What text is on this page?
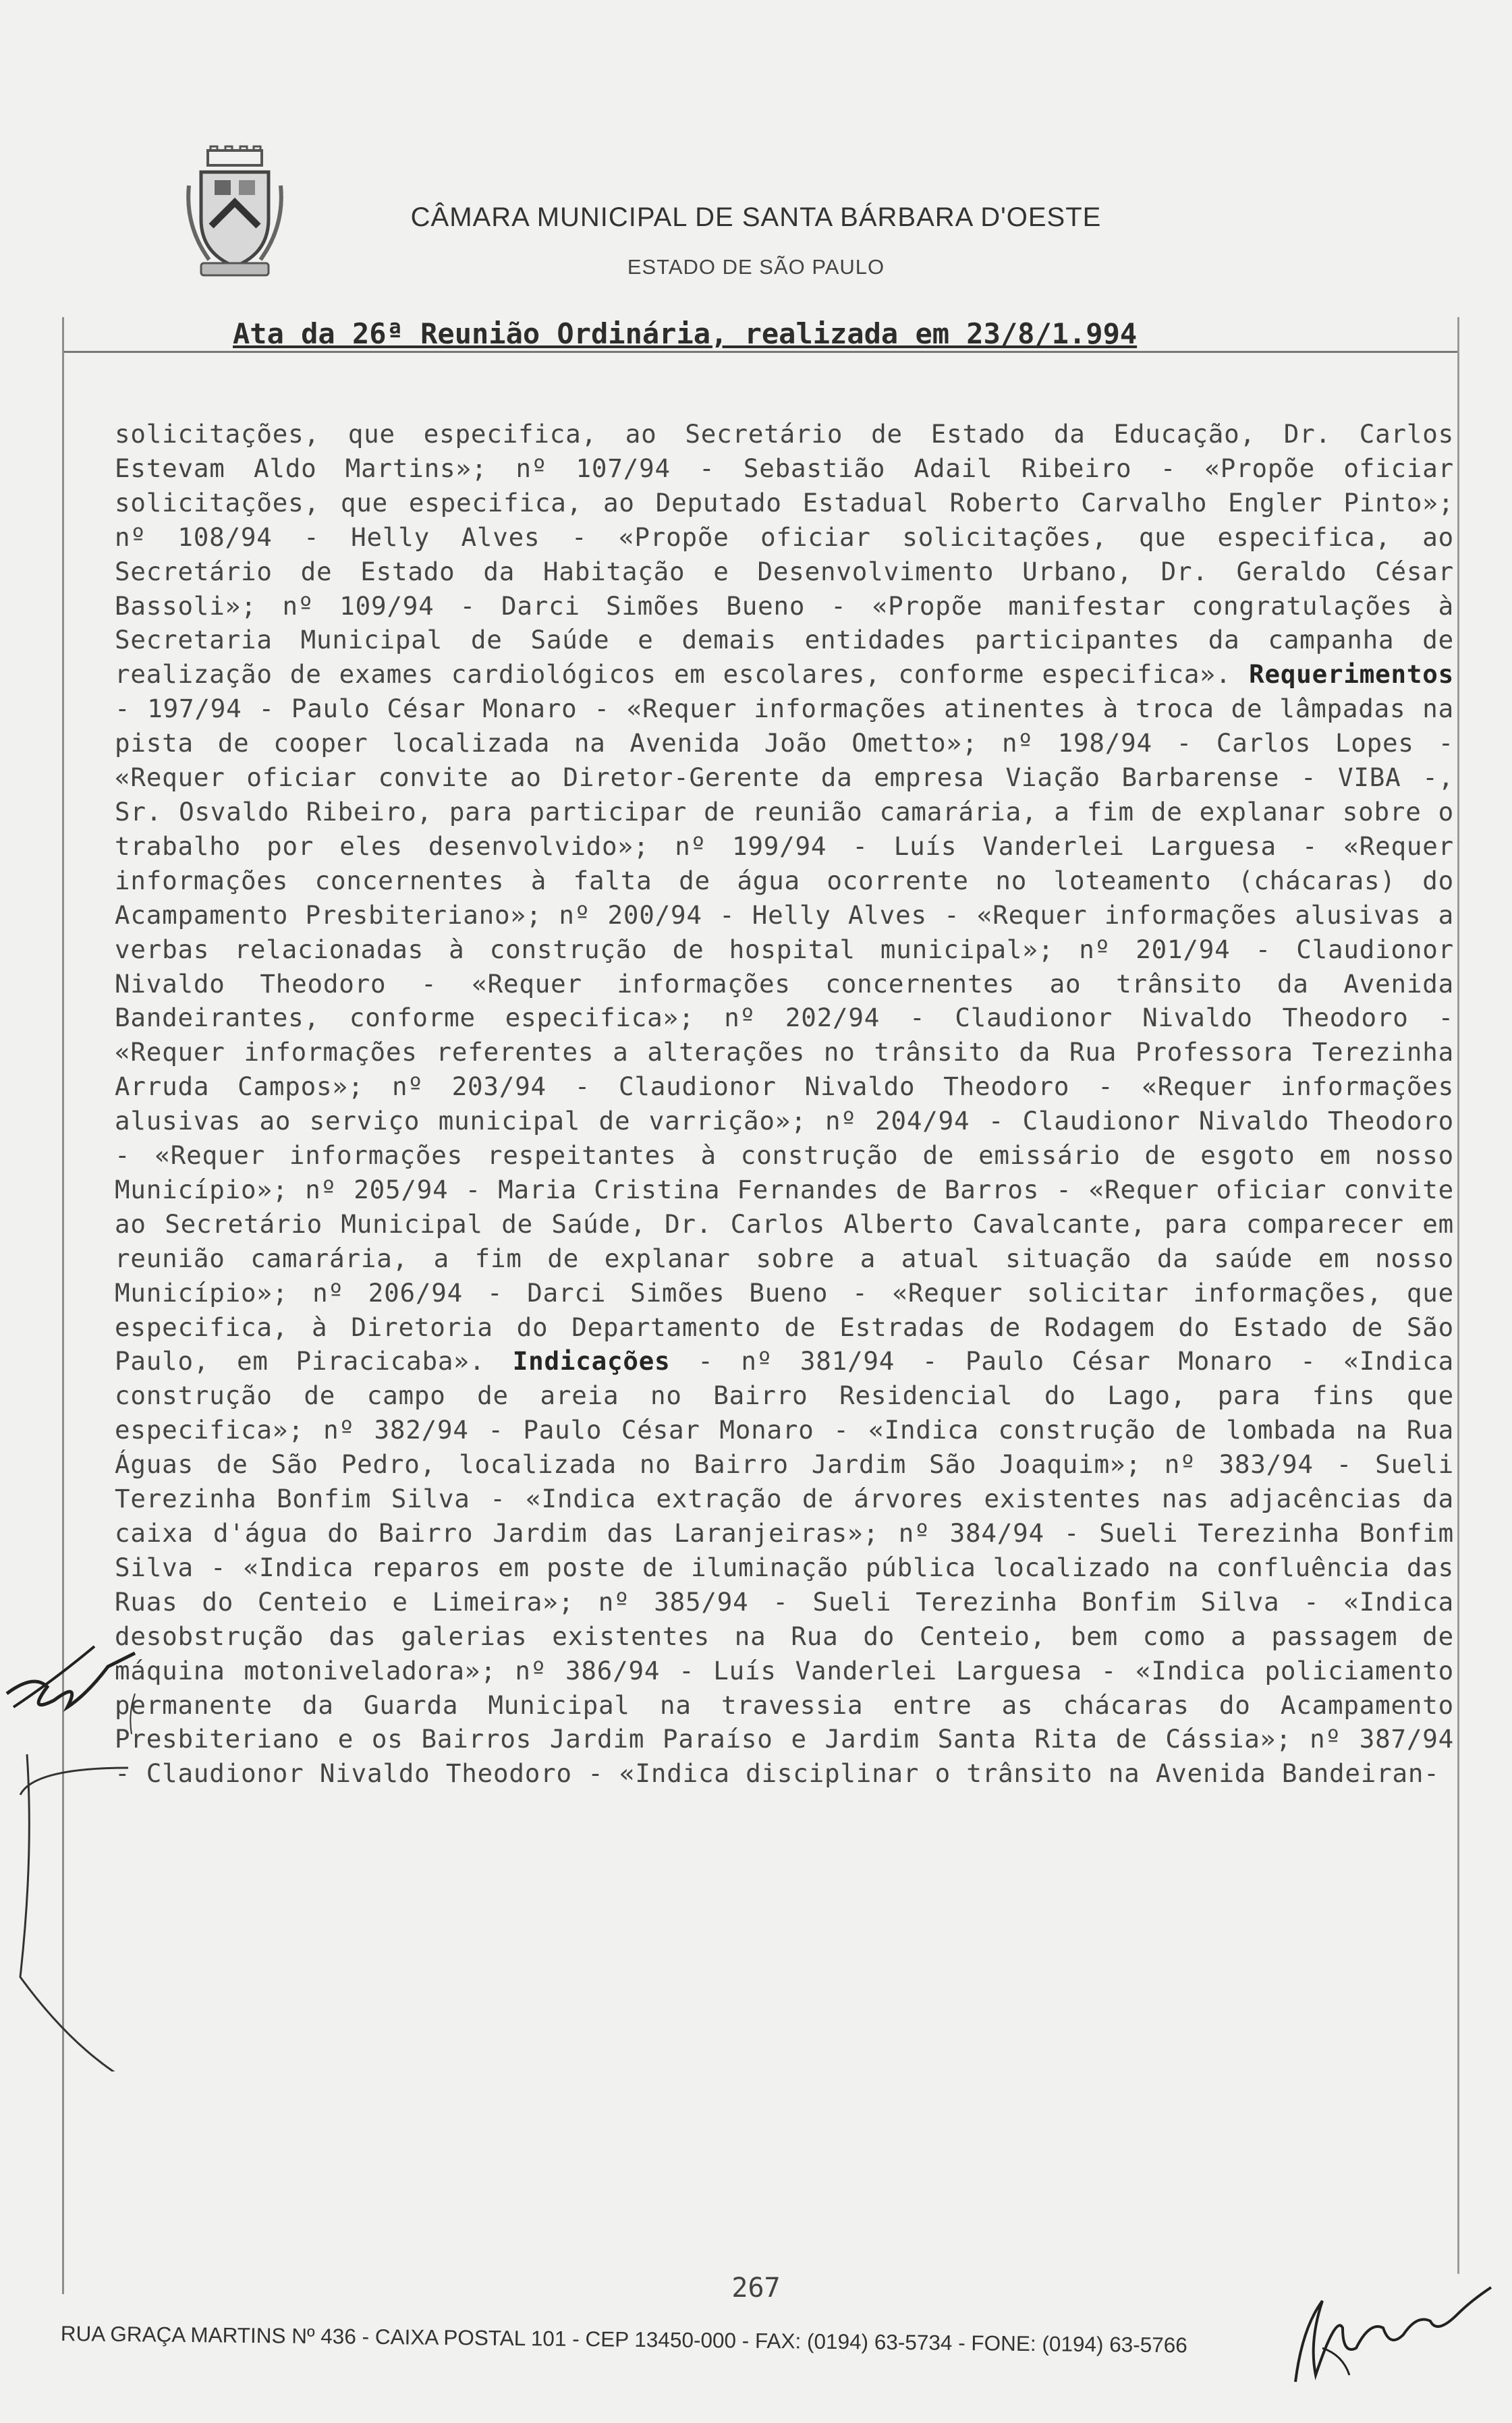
CÂMARA MUNICIPAL DE SANTA BÁRBARA D'OESTE
ESTADO DE SÃO PAULO
Ata da 26ª Reunião Ordinária, realizada em 23/8/1.994
solicitações, que especifica, ao Secretário de Estado da Educação, Dr. Carlos Estevam Aldo Martins»; nº 107/94 - Sebastião Adail Ribeiro - «Propõe oficiar solicitações, que especifica, ao Deputado Estadual Roberto Carvalho Engler Pinto»; nº 108/94 - Helly Alves - «Propõe oficiar solicitações, que especifica, ao Secretário de Estado da Habitação e Desenvolvimento Urbano, Dr. Geraldo César Bassoli»; nº 109/94 - Darci Simões Bueno - «Propõe manifestar congratulações à Secretaria Municipal de Saúde e demais entidades participantes da campanha de realização de exames cardiológicos em escolares, conforme especifica». Requerimentos - 197/94 - Paulo César Monaro - «Requer informações atinentes à troca de lâmpadas na pista de cooper localizada na Avenida João Ometto»; nº 198/94 - Carlos Lopes - «Requer oficiar convite ao Diretor-Gerente da empresa Viação Barbarense - VIBA -, Sr. Osvaldo Ribeiro, para participar de reunião camarária, a fim de explanar sobre o trabalho por eles desenvolvido»; nº 199/94 - Luís Vanderlei Larguesa - «Requer informações concernentes à falta de água ocorrente no loteamento (chácaras) do Acampamento Presbiteriano»; nº 200/94 - Helly Alves - «Requer informações alusivas a verbas relacionadas à construção de hospital municipal»; nº 201/94 - Claudionor Nivaldo Theodoro - «Requer informações concernentes ao trânsito da Avenida Bandeirantes, conforme especifica»; nº 202/94 - Claudionor Nivaldo Theodoro - «Requer informações referentes a alterações no trânsito da Rua Professora Terezinha Arruda Campos»; nº 203/94 - Claudionor Nivaldo Theodoro - «Requer informações alusivas ao serviço municipal de varrição»; nº 204/94 - Claudionor Nivaldo Theodoro - «Requer informações respeitantes à construção de emissário de esgoto em nosso Município»; nº 205/94 - Maria Cristina Fernandes de Barros - «Requer oficiar convite ao Secretário Municipal de Saúde, Dr. Carlos Alberto Cavalcante, para comparecer em reunião camarária, a fim de explanar sobre a atual situação da saúde em nosso Município»; nº 206/94 - Darci Simões Bueno - «Requer solicitar informações, que especifica, à Diretoria do Departamento de Estradas de Rodagem do Estado de São Paulo, em Piracicaba». Indicações - nº 381/94 - Paulo César Monaro - «Indica construção de campo de areia no Bairro Residencial do Lago, para fins que especifica»; nº 382/94 - Paulo César Monaro - «Indica construção de lombada na Rua Águas de São Pedro, localizada no Bairro Jardim São Joaquim»; nº 383/94 - Sueli Terezinha Bonfim Silva - «Indica extração de árvores existentes nas adjacências da caixa d'água do Bairro Jardim das Laranjeiras»; nº 384/94 - Sueli Terezinha Bonfim Silva - «Indica reparos em poste de iluminação pública localizado na confluência das Ruas do Centeio e Limeira»; nº 385/94 - Sueli Terezinha Bonfim Silva - «Indica desobstrução das galerias existentes na Rua do Centeio, bem como a passagem de máquina motoniveladora»; nº 386/94 - Luís Vanderlei Larguesa - «Indica policiamento permanente da Guarda Municipal na travessia entre as chácaras do Acampamento Presbiteriano e os Bairros Jardim Paraíso e Jardim Santa Rita de Cássia»; nº 387/94 - Claudionor Nivaldo Theodoro - «Indica disciplinar o trânsito na Avenida Bandeiran-
267
RUA GRAÇA MARTINS Nº 436 - CAIXA POSTAL 101 - CEP 13450-000 - FAX: (0194) 63-5734 - FONE: (0194) 63-5766
